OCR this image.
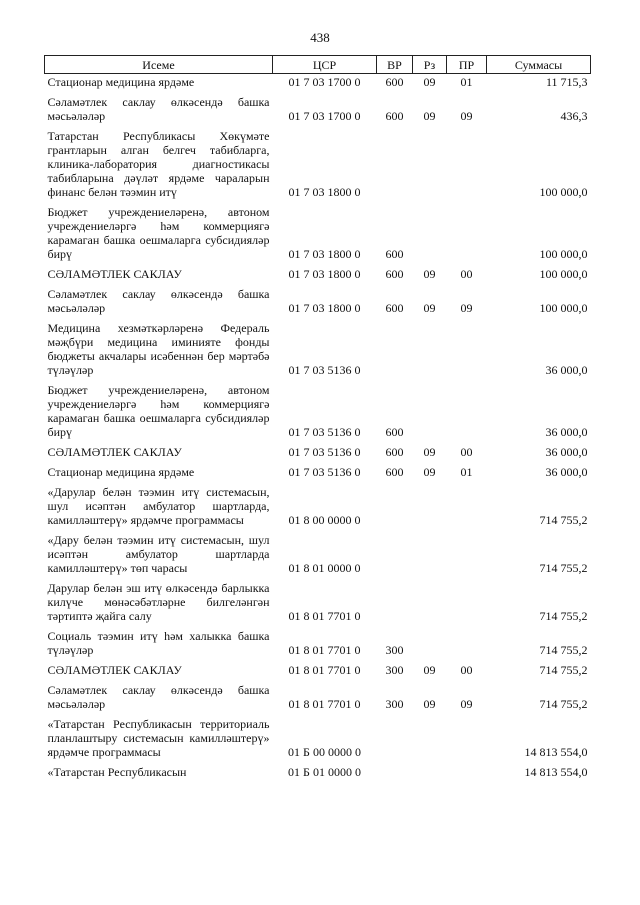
438
Исеме	ЦСР	ВР	Рз	ПР	Суммасы
Стационар медицина ярдәме	01 7 03 1700 0	600	09	01	11 715,3
Сәламәтлек саклау өлкәсендә башка мәсьәләләр	01 7 03 1700 0	600	09	09	436,3
Татарстан Республикасы Хөкүмәте грантларын алган белгеч табибларга, клиника-лаборатория диагностикасы табибларына дәүләт ярдәме чараларын финанс белән тәэмин итү	01 7 03 1800 0				100 000,0
Бюджет учреждениеләренә, автоном учреждениеләргә һәм коммерциягә карамаган башка оешмаларга субсидияләр бирү	01 7 03 1800 0	600			100 000,0
СӘЛАМӘТЛЕК САКЛАУ	01 7 03 1800 0	600	09	00	100 000,0
Сәламәтлек саклау өлкәсендә башка мәсьәләләр	01 7 03 1800 0	600	09	09	100 000,0
Медицина хезмәткәрләренә Федераль мәҗбүри медицина иминияте фонды бюджеты акчалары исәбеннән бер мәртәбә түләүләр	01 7 03 5136 0				36 000,0
Бюджет учреждениеләренә, автоном учреждениеләргә һәм коммерциягә карамаган башка оешмаларга субсидияләр бирү	01 7 03 5136 0	600			36 000,0
СӘЛАМӘТЛЕК САКЛАУ	01 7 03 5136 0	600	09	00	36 000,0
Стационар медицина ярдәме	01 7 03 5136 0	600	09	01	36 000,0
«Дарулар белән тәэмин итү системасын, шул исәптән амбулатор шартларда, камилләштерү» ярдәмче программасы	01 8 00 0000 0				714 755,2
«Дару белән тәэмин итү системасын, шул исәптән амбулатор шартларда камилләштерү» төп чарасы	01 8 01 0000 0				714 755,2
Дарулар белән эш итү өлкәсендә барлыкка килүче мөнәсәбәтләрне билгеләнгән тәртиптә җайга салу	01 8 01 7701 0				714 755,2
Социаль тәэмин итү һәм халыкка башка түләүләр	01 8 01 7701 0	300			714 755,2
СӘЛАМӘТЛЕК САКЛАУ	01 8 01 7701 0	300	09	00	714 755,2
Сәламәтлек саклау өлкәсендә башка мәсьәләләр	01 8 01 7701 0	300	09	09	714 755,2
«Татарстан Республикасын территориаль планлаштыру системасын камилләштерү» ярдәмче программасы	01 Б 00 0000 0				14 813 554,0
«Татарстан Республикасын	01 Б 01 0000 0				14 813 554,0
